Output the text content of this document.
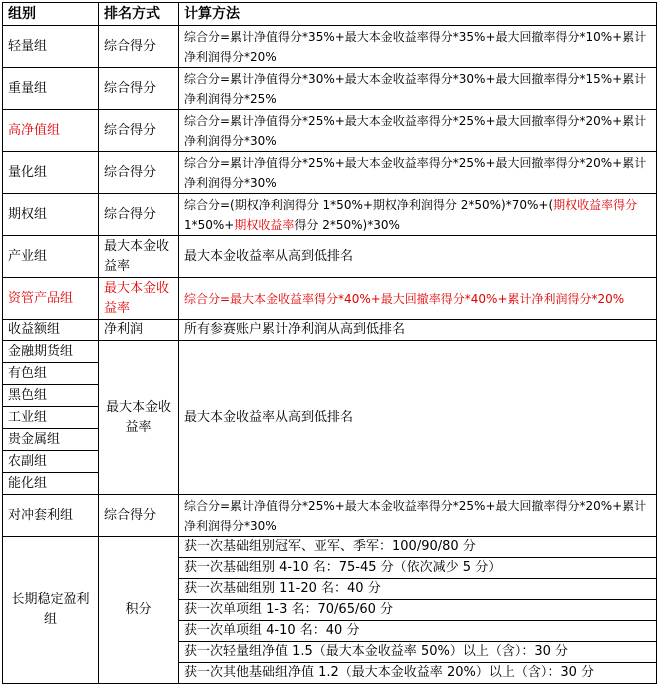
组别	排名方式	计算方法
轻量组	综合得分	综合分=累计净值得分*35%+最大本金收益率得分*35%+最大回撤率得分*10%+累计净利润得分*20%
重量组	综合得分	综合分=累计净值得分*30%+最大本金收益率得分*30%+最大回撤率得分*15%+累计净利润得分*25%
高净值组	综合得分	综合分=累计净值得分*25%+最大本金收益率得分*25%+最大回撤率得分*20%+累计净利润得分*30%
量化组	综合得分	综合分=累计净值得分*25%+最大本金收益率得分*25%+最大回撤率得分*20%+累计净利润得分*30%
期权组	综合得分	综合分=(期权净利润得分 1*50%+期权净利润得分 2*50%)*70%+(期权收益率得分 1*50%+期权收益率得分 2*50%)*30%
产业组	最大本金收益率	最大本金收益率从高到低排名
资管产品组	最大本金收益率	综合分=最大本金收益率得分*40%+最大回撤率得分*40%+累计净利润得分*20%
收益额组	净利润	所有参赛账户累计净利润从高到低排名
金融期货组	最大本金收益率	最大本金收益率从高到低排名
有色组		
黑色组		
工业组		
贵金属组		
农副组		
能化组		
对冲套利组	综合得分	综合分=累计净值得分*25%+最大本金收益率得分*25%+最大回撤率得分*20%+累计净利润得分*30%
长期稳定盈利组	积分	获一次基础组别冠军、亚军、季军：100/90/80 分
		获一次基础组别 4-10 名：75-45 分（依次减少 5 分）
		获一次基础组别 11-20 名：40 分
		获一次单项组 1-3 名：70/65/60 分
		获一次单项组 4-10 名：40 分
		获一次轻量组净值 1.5（最大本金收益率 50%）以上（含）：30 分
		获一次其他基础组净值 1.2（最大本金收益率 20%）以上（含）：30 分
